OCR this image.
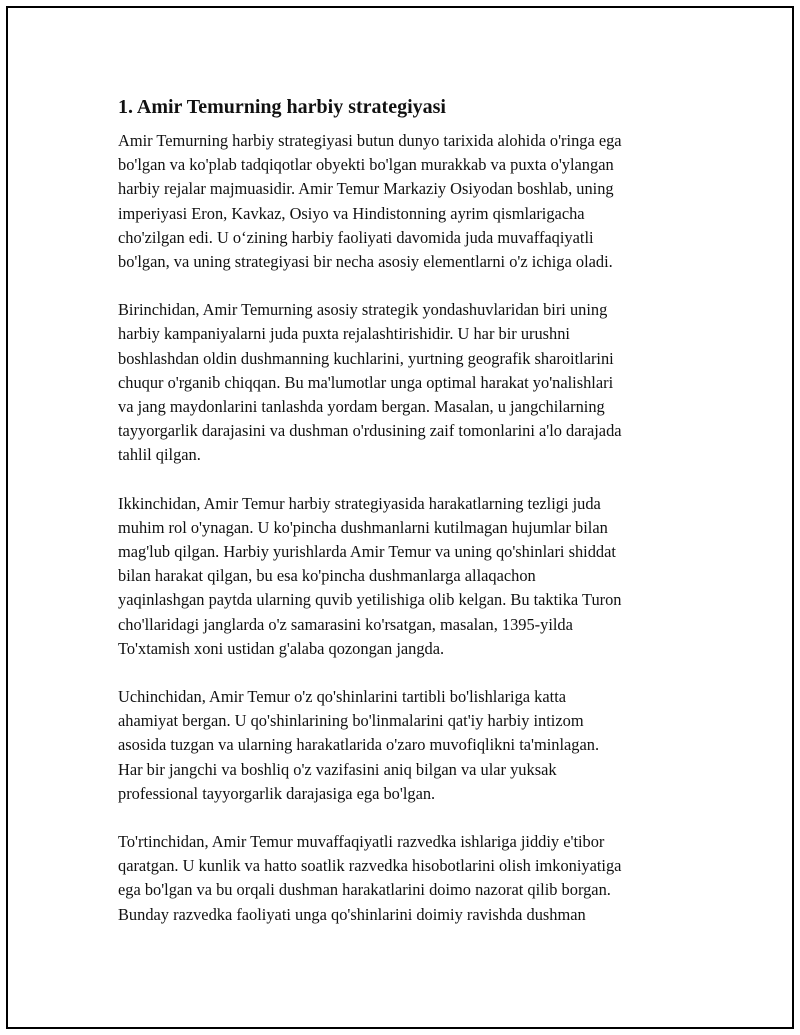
1. Amir Temurning harbiy strategiyasi
Amir Temurning harbiy strategiyasi butun dunyo tarixida alohida o'ringa ega
bo'lgan va ko'plab tadqiqotlar obyekti bo'lgan murakkab va puxta o'ylangan
harbiy rejalar majmuasidir. Amir Temur Markaziy Osiyodan boshlab, uning
imperiyasi Eron, Kavkaz, Osiyo va Hindistonning ayrim qismlarigacha
cho'zilgan edi. U o‘zining harbiy faoliyati davomida juda muvaffaqiyatli
bo'lgan, va uning strategiyasi bir necha asosiy elementlarni o'z ichiga oladi.
Birinchidan, Amir Temurning asosiy strategik yondashuvlaridan biri uning
harbiy kampaniyalarni juda puxta rejalashtirishidir. U har bir urushni
boshlashdan oldin dushmanning kuchlarini, yurtning geografik sharoitlarini
chuqur o'rganib chiqqan. Bu ma'lumotlar unga optimal harakat yo'nalishlari
va jang maydonlarini tanlashda yordam bergan. Masalan, u jangchilarning
tayyorgarlik darajasini va dushman o'rdusining zaif tomonlarini a'lo darajada
tahlil qilgan.
Ikkinchidan, Amir Temur harbiy strategiyasida harakatlarning tezligi juda
muhim rol o'ynagan. U ko'pincha dushmanlarni kutilmagan hujumlar bilan
mag'lub qilgan. Harbiy yurishlarda Amir Temur va uning qo'shinlari shiddat
bilan harakat qilgan, bu esa ko'pincha dushmanlarga allaqachon
yaqinlashgan paytda ularning quvib yetilishiga olib kelgan. Bu taktika Turon
cho'llaridagi janglarda o'z samarasini ko'rsatgan, masalan, 1395-yilda
To'xtamish xoni ustidan g'alaba qozongan jangda.
Uchinchidan, Amir Temur o'z qo'shinlarini tartibli bo'lishlariga katta
ahamiyat bergan. U qo'shinlarining bo'linmalarini qat'iy harbiy intizom
asosida tuzgan va ularning harakatlarida o'zaro muvofiqlikni ta'minlagan.
Har bir jangchi va boshliq o'z vazifasini aniq bilgan va ular yuksak
professional tayyorgarlik darajasiga ega bo'lgan.
To'rtinchidan, Amir Temur muvaffaqiyatli razvedka ishlariga jiddiy e'tibor
qaratgan. U kunlik va hatto soatlik razvedka hisobotlarini olish imkoniyatiga
ega bo'lgan va bu orqali dushman harakatlarini doimo nazorat qilib borgan.
Bunday razvedka faoliyati unga qo'shinlarini doimiy ravishda dushman
